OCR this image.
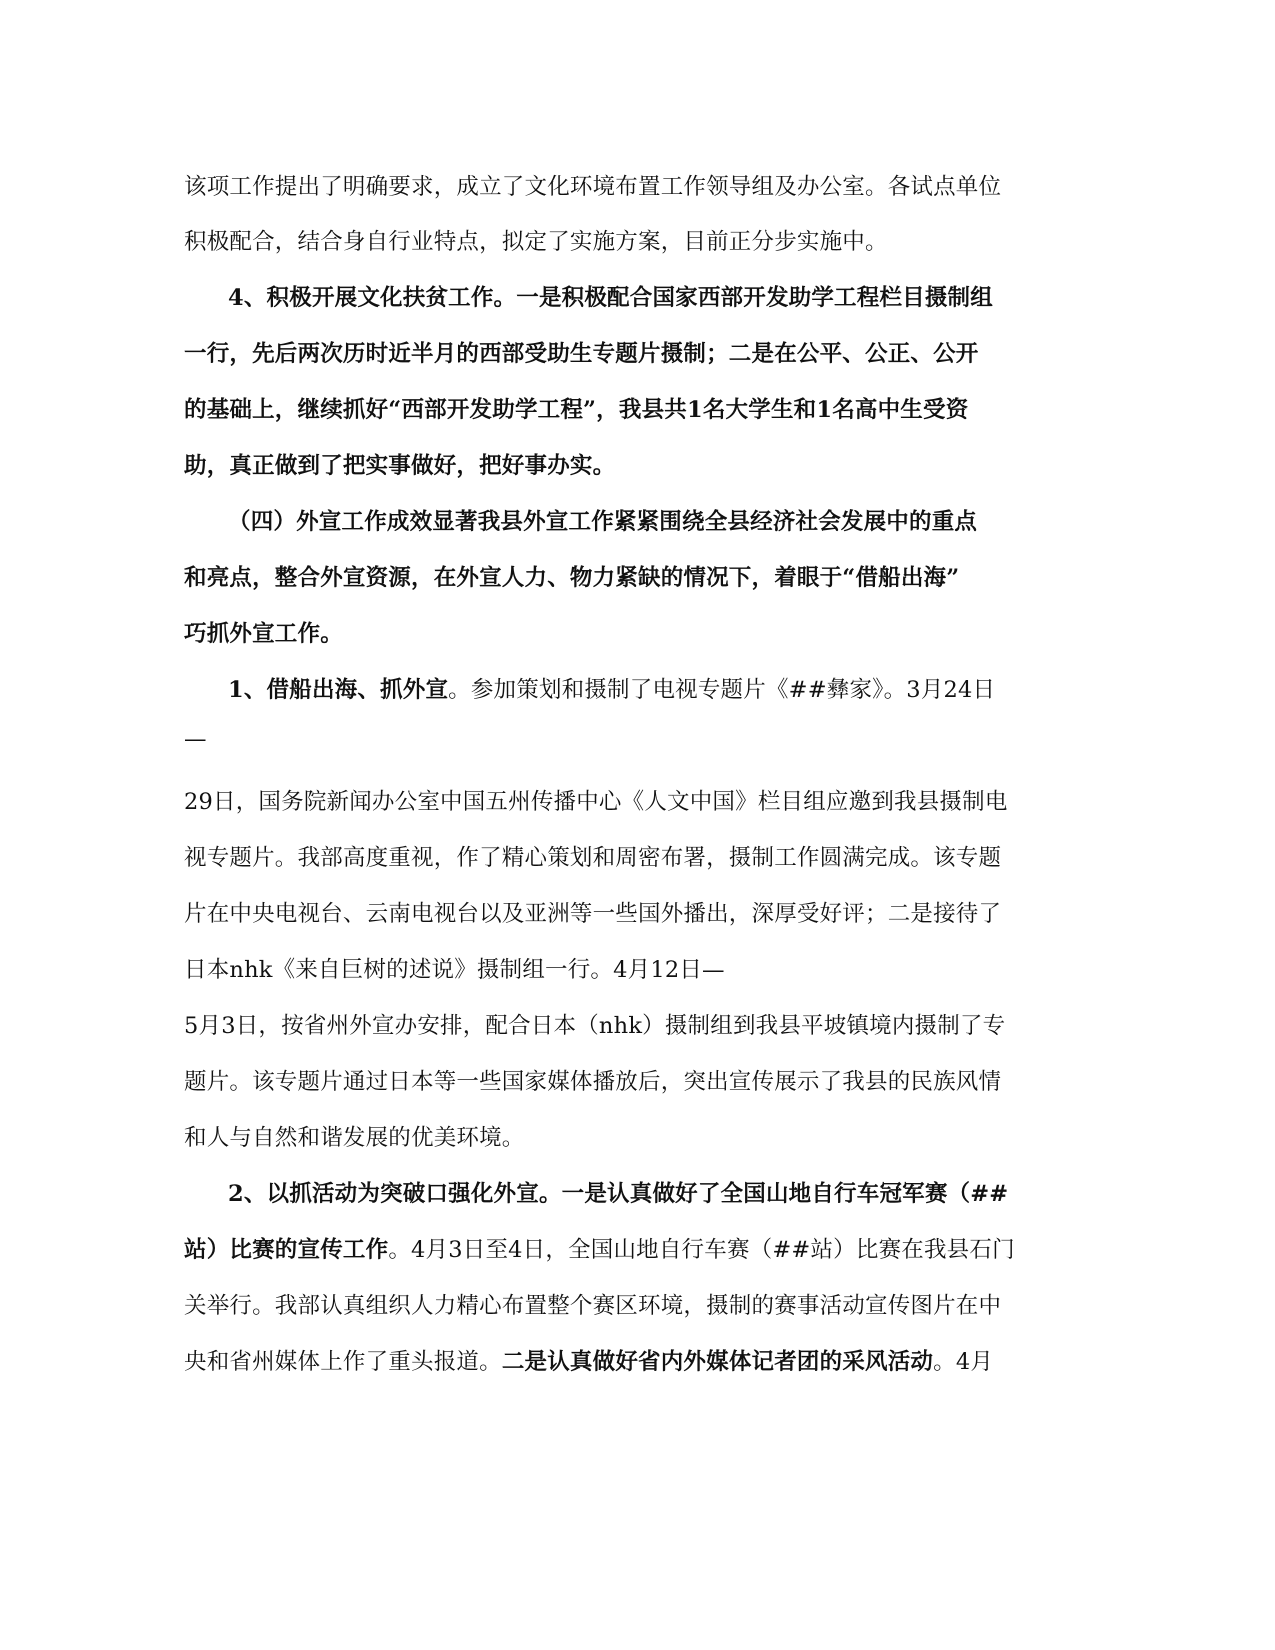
该项工作提出了明确要求，成立了文化环境布置工作领导组及办公室。各试点单位
积极配合，结合身自行业特点，拟定了实施方案，目前正分步实施中。
4、积极开展文化扶贫工作。一是积极配合国家西部开发助学工程栏目摄制组
一行，先后两次历时近半月的西部受助生专题片摄制；二是在公平、公正、公开
的基础上，继续抓好“西部开发助学工程”，我县共1名大学生和1名高中生受资
助，真正做到了把实事做好，把好事办实。
（四）外宣工作成效显著我县外宣工作紧紧围绕全县经济社会发展中的重点
和亮点，整合外宣资源，在外宣人力、物力紧缺的情况下，着眼于“借船出海”
巧抓外宣工作。
1、借船出海、抓外宣。参加策划和摄制了电视专题片《##彝家》。3月24日
—
29日，国务院新闻办公室中国五州传播中心《人文中国》栏目组应邀到我县摄制电
视专题片。我部高度重视，作了精心策划和周密布署，摄制工作圆满完成。该专题
片在中央电视台、云南电视台以及亚洲等一些国外播出，深厚受好评；二是接待了
日本nhk《来自巨树的述说》摄制组一行。4月12日—
5月3日，按省州外宣办安排，配合日本（nhk）摄制组到我县平坡镇境内摄制了专
题片。该专题片通过日本等一些国家媒体播放后，突出宣传展示了我县的民族风情
和人与自然和谐发展的优美环境。
2、以抓活动为突破口强化外宣。一是认真做好了全国山地自行车冠军赛（##
站）比赛的宣传工作。4月3日至4日，全国山地自行车赛（##站）比赛在我县石门
关举行。我部认真组织人力精心布置整个赛区环境，摄制的赛事活动宣传图片在中
央和省州媒体上作了重头报道。二是认真做好省内外媒体记者团的采风活动。4月
